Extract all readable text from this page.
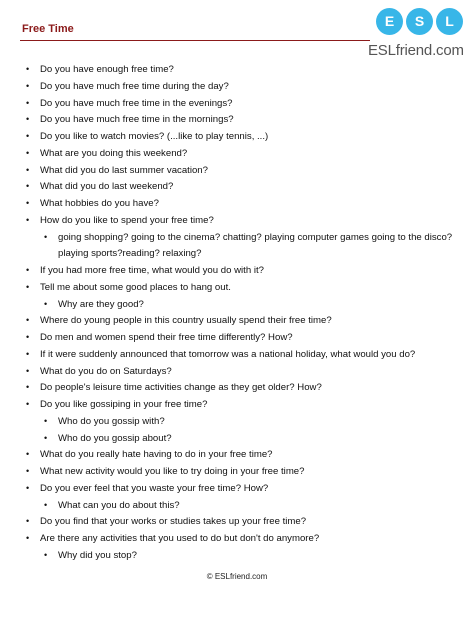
Free Time	E	S	L
ESLfriend.com
• Do you have enough free time?
• Do you have much free time during the day?
• Do you have much free time in the evenings?
• Do you have much free time in the mornings?
• Do you like to watch movies? (...like to play tennis, ...)
• What are you doing this weekend?
• What did you do last summer vacation?
• What did you do last weekend?
• What hobbies do you have?
• How do you like to spend your free time?
• going shopping? going to the cinema? chatting? playing computer games going to the disco? playing sports?reading? relaxing?
• If you had more free time, what would you do with it?
• Tell me about some good places to hang out.
• Why are they good?
• Where do young people in this country usually spend their free time?
• Do men and women spend their free time differently? How?
• If it were suddenly announced that tomorrow was a national holiday, what would you do?
• What do you do on Saturdays?
• Do people's leisure time activities change as they get older? How?
• Do you like gossiping in your free time?
• Who do you gossip with?
• Who do you gossip about?
• What do you really hate having to do in your free time?
• What new activity would you like to try doing in your free time?
• Do you ever feel that you waste your free time? How?
• What can you do about this?
• Do you find that your works or studies takes up your free time?
• Are there any activities that you used to do but don't do anymore?
• Why did you stop?
© ESLfriend.com
